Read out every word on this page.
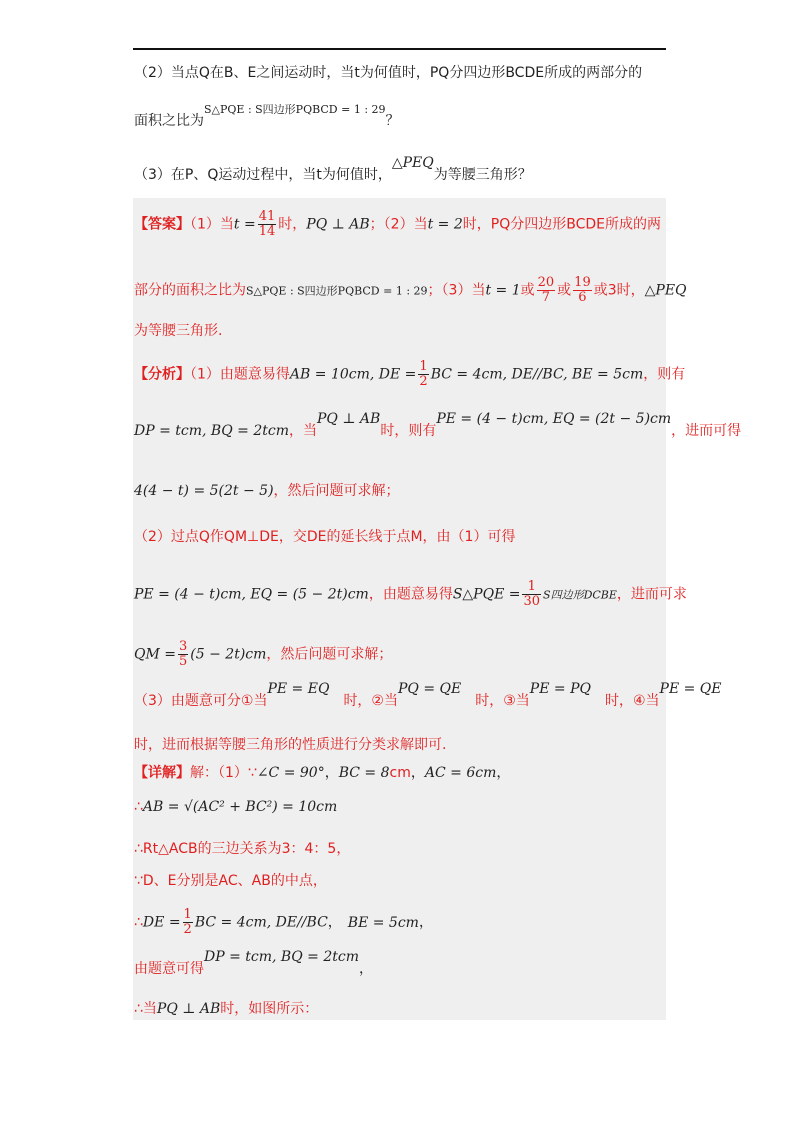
（2）当点Q在B、E之间运动时，当t为何值时，PQ分四边形BCDE所成的两部分的
面积之比为$^{S\triangle PQE : S四边形PQBCD = 1 : 29}$？
（3）在P、Q运动过程中，当t为何值时，△PEQ为等腰三角形？
【答案】（1）当$t = \frac{41}{14}$ 时，PQ ⊥ AB；（2）当t = 2时，PQ分四边形BCDE所成的两
部分的面积之比为S△PQE : S四边形PQBCD = 1 : 29；（3）当t = 1或 $\frac{20}{7}$ 或 $\frac{19}{6}$ 或3时，△PEQ
为等腰三角形.
【分析】（1）由题意易得AB = 10cm, DE = $\frac{1}{2}$ BC = 4cm, DE//BC, BE = 5cm，则有
DP = tcm, BQ = 2tcm，当PQ ⊥ AB时，则有PE = (4 − t)cm, EQ = (2t − 5)cm，进而可得
4(4 − t) = 5(2t − 5)，然后问题可求解；
（2）过点Q作QM⊥DE，交DE的延长线于点M，由（1）可得
PE = (4 − t)cm, EQ = (5 − 2t)cm，由题意易得S△PQE = $\frac{1}{30}$ S四边形DCBE，进而可求
QM = $\frac{3}{5} (5 - 2t)cm$，然后问题可求解；
（3）由题意可分①当PE = EQ时，②当PQ = QE时，③当PE = PQ时，④当PE = QE
时，进而根据等腰三角形的性质进行分类求解即可.
【详解】解：（1）∵∠C = 90°，BC = 8cm，AC = 6cm，
∴AB = √(AC² + BC²) = 10cm
∴Rt△ACB的三边关系为3：4：5，
∵D、E分别是AC、AB的中点，
∴DE = $\frac{1}{2}$ BC = 4cm, DE//BC， BE = 5cm，
由题意可得DP = tcm, BQ = 2tcm，
∴当PQ ⊥ AB时，如图所示：
